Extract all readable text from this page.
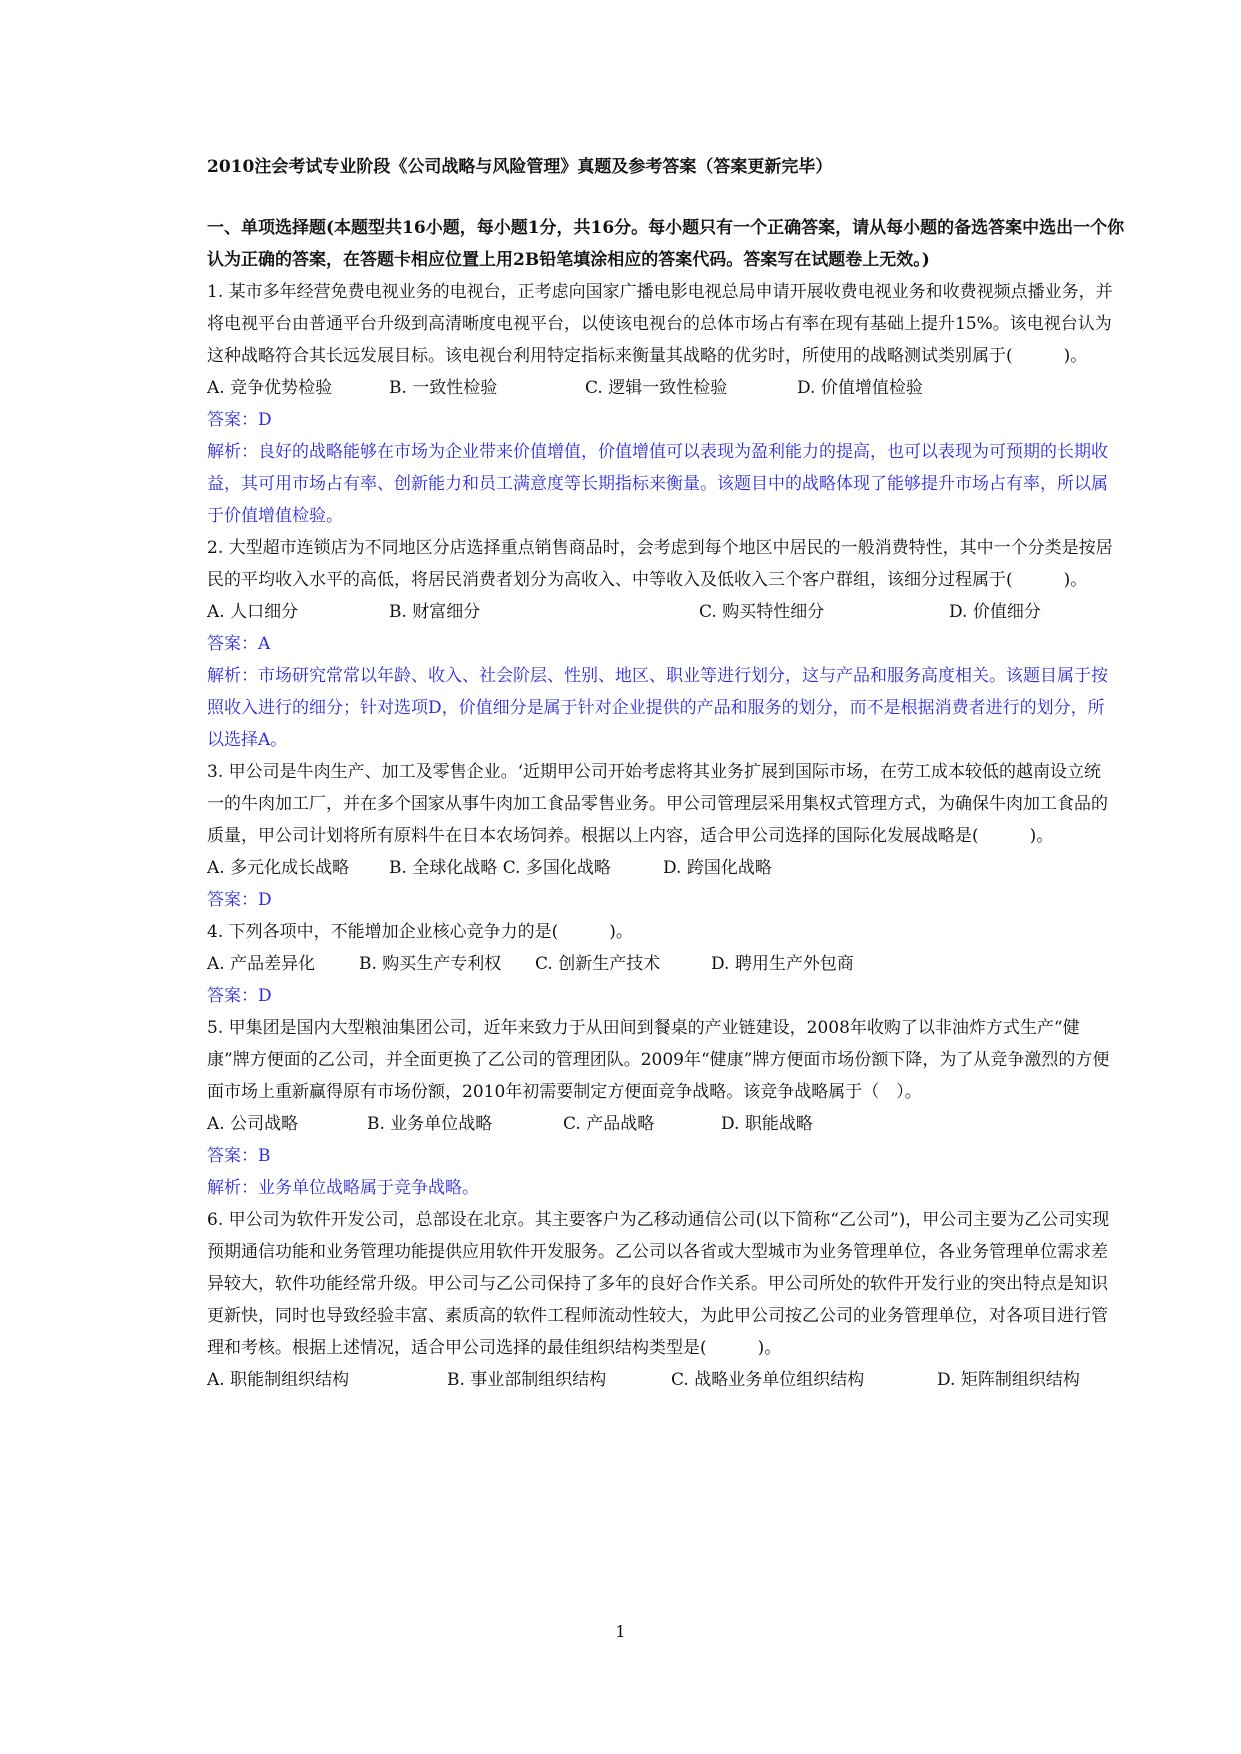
2010注会考试专业阶段《公司战略与风险管理》真题及参考答案（答案更新完毕）
一、单项选择题(本题型共16小题，每小题1分，共16分。每小题只有一个正确答案，请从每小题的备选答案中选出一个你认为正确的答案，在答题卡相应位置上用2B铅笔填涂相应的答案代码。答案写在试题卷上无效。)

1. 某市多年经营免费电视业务的电视台，正考虑向国家广播电影电视总局申请开展收费电视业务和收费视频点播业务，并将电视平台由普通平台升级到高清晰度电视平台，以使该电视台的总体市场占有率在现有基础上提升15%。该电视台认为这种战略符合其长远发展目标。该电视台利用特定指标来衡量其战略的优劣时，所使用的战略测试类别属于(　　　)。

A. 竞争优势检验	B. 一致性检验	C. 逻辑一致性检验	D. 价值增值检验

答案：D

解析：良好的战略能够在市场为企业带来价值增值，价值增值可以表现为盈利能力的提高，也可以表现为可预期的长期收益，其可用市场占有率、创新能力和员工满意度等长期指标来衡量。该题目中的战略体现了能够提升市场占有率，所以属于价值增值检验。

2. 大型超市连锁店为不同地区分店选择重点销售商品时，会考虑到每个地区中居民的一般消费特性，其中一个分类是按居民的平均收入水平的高低，将居民消费者划分为高收入、中等收入及低收入三个客户群组，该细分过程属于(　　　)。

A. 人口细分	B. 财富细分	C. 购买特性细分	D. 价值细分

答案：A

解析：市场研究常常以年龄、收入、社会阶层、性别、地区、职业等进行划分，这与产品和服务高度相关。该题目属于按照收入进行的细分；针对选项D，价值细分是属于针对企业提供的产品和服务的划分，而不是根据消费者进行的划分，所以选择A。

3. 甲公司是牛肉生产、加工及零售企业。‘近期甲公司开始考虑将其业务扩展到国际市场，在劳工成本较低的越南设立统一的牛肉加工厂，并在多个国家从事牛肉加工食品零售业务。甲公司管理层采用集权式管理方式，为确保牛肉加工食品的质量，甲公司计划将所有原料牛在日本农场饲养。根据以上内容，适合甲公司选择的国际化发展战略是(　　　)。

A. 多元化成长战略	B. 全球化战略 C. 多国化战略	D. 跨国化战略

答案：D

4. 下列各项中，不能增加企业核心竞争力的是(　　　)。

A. 产品差异化	B. 购买生产专利权	C. 创新生产技术	D. 聘用生产外包商

答案：D

5. 甲集团是国内大型粮油集团公司，近年来致力于从田间到餐桌的产业链建设，2008年收购了以非油炸方式生产“健康”牌方便面的乙公司，并全面更换了乙公司的管理团队。2009年“健康”牌方便面市场份额下降，为了从竞争激烈的方便面市场上重新赢得原有市场份额，2010年初需要制定方便面竞争战略。该竞争战略属于（　）。

A. 公司战略	B. 业务单位战略	C. 产品战略	D. 职能战略

答案：B

解析：业务单位战略属于竞争战略。

6. 甲公司为软件开发公司，总部设在北京。其主要客户为乙移动通信公司(以下简称“乙公司”)，甲公司主要为乙公司实现预期通信功能和业务管理功能提供应用软件开发服务。乙公司以各省或大型城市为业务管理单位，各业务管理单位需求差异较大，软件功能经常升级。甲公司与乙公司保持了多年的良好合作关系。甲公司所处的软件开发行业的突出特点是知识更新快，同时也导致经验丰富、素质高的软件工程师流动性较大，为此甲公司按乙公司的业务管理单位，对各项目进行管理和考核。根据上述情况，适合甲公司选择的最佳组织结构类型是(　　　)。

A. 职能制组织结构	B. 事业部制组织结构	C. 战略业务单位组织结构	D. 矩阵制组织结构
1
